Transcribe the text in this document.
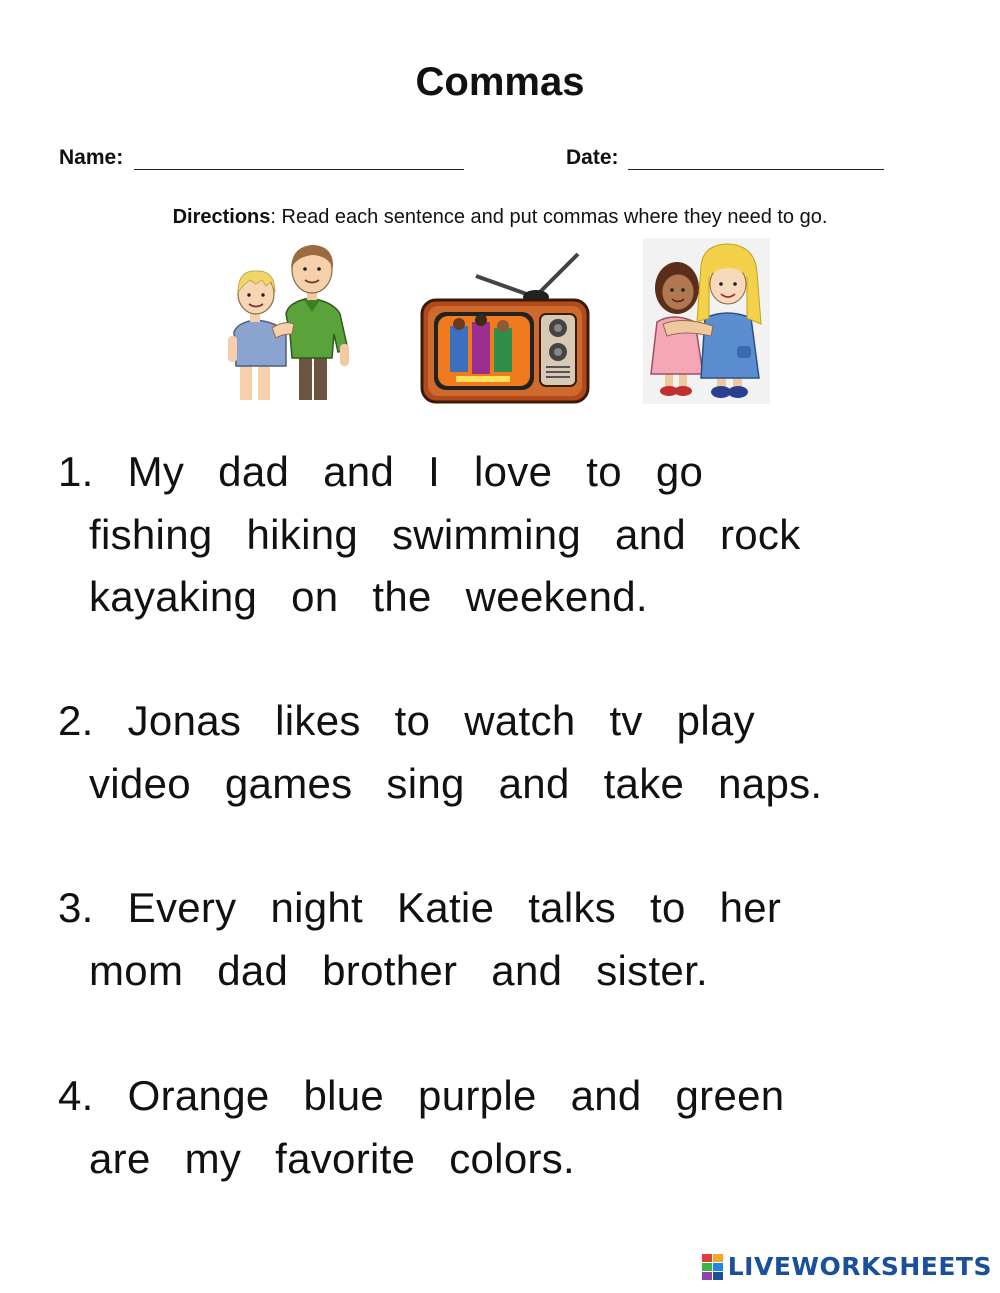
Commas
Name:	Date:
Directions: Read each sentence and put commas where they need to go.
1. My dad and I love to go
fishing hiking swimming and rock
kayaking on the weekend.
2. Jonas likes to watch tv play
video games sing and take naps.
3. Every night Katie talks to her
mom dad brother and sister.
4. Orange blue purple and green
are my favorite colors.
LIVEWORKSHEETS
